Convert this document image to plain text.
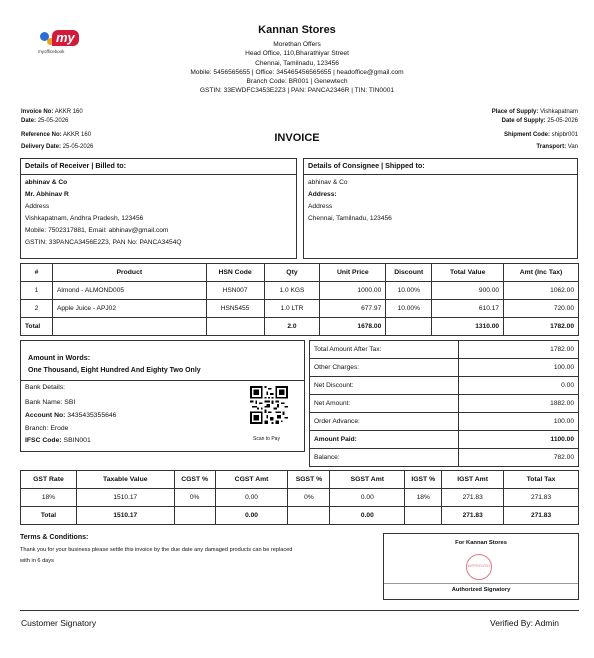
my
myofficebook
Kannan Stores
Morethan Offers
Head Office, 110,Bharathiyar Street
Chennai, Tamilnadu, 123456
Mobile: 5456565655 | Office: 345465456565655 | headoffice@gmail.com
Branch Code: BR001 | Genewtech
GSTIN: 33EWDFC3453E2Z3 | PAN: PANCA2346R | TIN: TIN0001
Invoice No: AKKR 160
Date: 25-05-2026
Reference No: AKKR 160
Delivery Date: 25-05-2026
Place of Supply: Vishkapatnam
Date of Supply: 25-05-2026
Shipment Code: shipbr001
Transport: Van
INVOICE
Details of Receiver | Billed to:
abhinav & Co
Mr. Abhinav R
Address
Vishkapatnam, Andhra Pradesh, 123456
Mobile: 7502317881, Email: abhinav@gmail.com
GSTIN: 33PANCA3456E2Z3, PAN No: PANCA3454Q
Details of Consignee | Shipped to:
abhinav & Co
Address:
Address
Chennai, Tamilnadu, 123456
#	Product	HSN Code	Qty	Unit Price	Discount	Total Value	Amt (Inc Tax)
1	Almond - ALMOND005	HSN007	1.0 KGS	1000.00	10.00%	900.00	1062.00
2	Apple Juice - APJ02	HSN5455	1.0 LTR	677.97	10.00%	610.17	720.00
Total			2.0	1678.00		1310.00	1782.00
Amount in Words:
One Thousand, Eight Hundred And Eighty Two Only
Bank Details:
Bank Name: SBI
Account No: 3435435355646
Branch: Erode
IFSC Code: SBIN001	Scan to Pay
Total Amount After Tax:	1782.00
Other Charges:	100.00
Net Discount:	0.00
Net Amount:	1882.00
Order Advance:	100.00
Amount Paid:	1100.00
Balance:	782.00
GST Rate	Taxable Value	CGST %	CGST Amt	SGST %	SGST Amt	IGST %	IGST Amt	Total Tax
18%	1510.17	0%	0.00	0%	0.00	18%	271.83	271.83
Total	1510.17		0.00		0.00		271.83	271.83
Terms & Conditions:
Thank you for your business please settle this invoice by the due date any damaged products can be replaced
with in 6 days
For Kannan Stores
Authorized Signatory
APPROVED
Customer Signatory	Verified By: Admin
